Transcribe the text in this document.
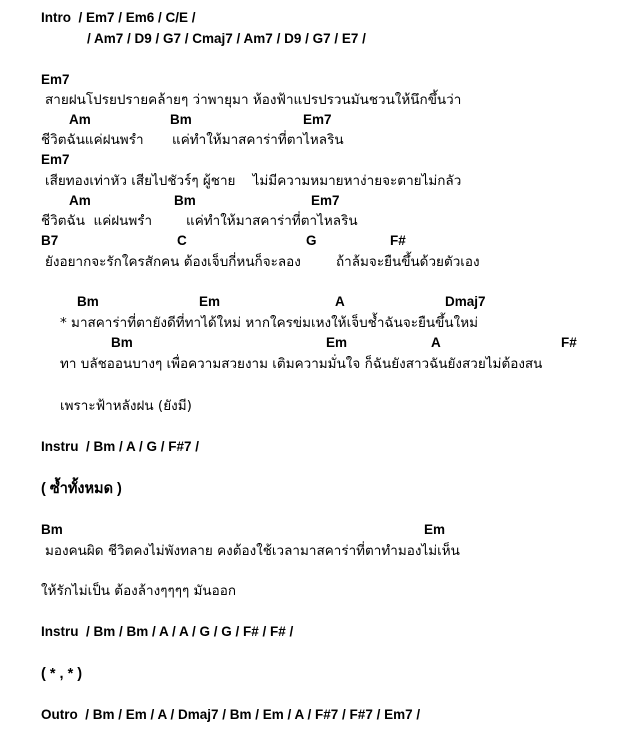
Intro  / Em7 / Em6 / C/E /
/ Am7 / D9 / G7 / Cmaj7 / Am7 / D9 / G7 / E7 /
Em7
สายฝนโปรยปรายคล้ายๆ ว่าพายุมา ห้องฟ้าแปรปรวนมันชวนให้นึกขึ้นว่า
Am	Bm	Em7
ชีวิตฉันแค่ฝนพรำ แค่ทำให้มาสคาร่าที่ตาไหลริน
Em7
เสียทองเท่าหัว เสียไปชัวร์ๆ ผู้ชาย    ไม่มีความหมายหาง่ายจะตายไม่กลัว
Am	Bm	Em7
ชีวิตฉัน  แค่ฝนพรำ	แค่ทำให้มาสคาร่าที่ตาไหลริน
B7	C	G	F#
ยังอยากจะรักใครสักคน ต้องเจ็บกี่หนก็จะลอง	ถ้าล้มจะยืนขึ้นด้วยตัวเอง
Bm	Em	A	Dmaj7
* มาสคาร่าที่ตายังดีที่ทาได้ใหม่ หากใครข่มเหงให้เจ็บช้ำฉันจะยืนขึ้นใหม่
Bm	Em	A	F#
ทา บลัชออนบางๆ เพื่อความสวยงาม เติมความมั่นใจ ก็ฉันยังสาวฉันยังสวยไม่ต้องสน
เพราะฟ้าหลังฝน (ยังมี)
Instru  / Bm / A / G / F#7 /
( ซ้ำทั้งหมด )
Bm	Em
มองคนผิด ชีวิตคงไม่พังทลาย คงต้องใช้เวลามาสคาร่าที่ตาทำมองไม่เห็น
ให้รักไม่เป็น ต้องล้างๆๆๆๆ มันออก
Instru  / Bm / Bm / A / A / G / G / F# / F# /
( * , * )
Outro  / Bm / Em / A / Dmaj7 / Bm / Em / A / F#7 / F#7 / Em7 /
